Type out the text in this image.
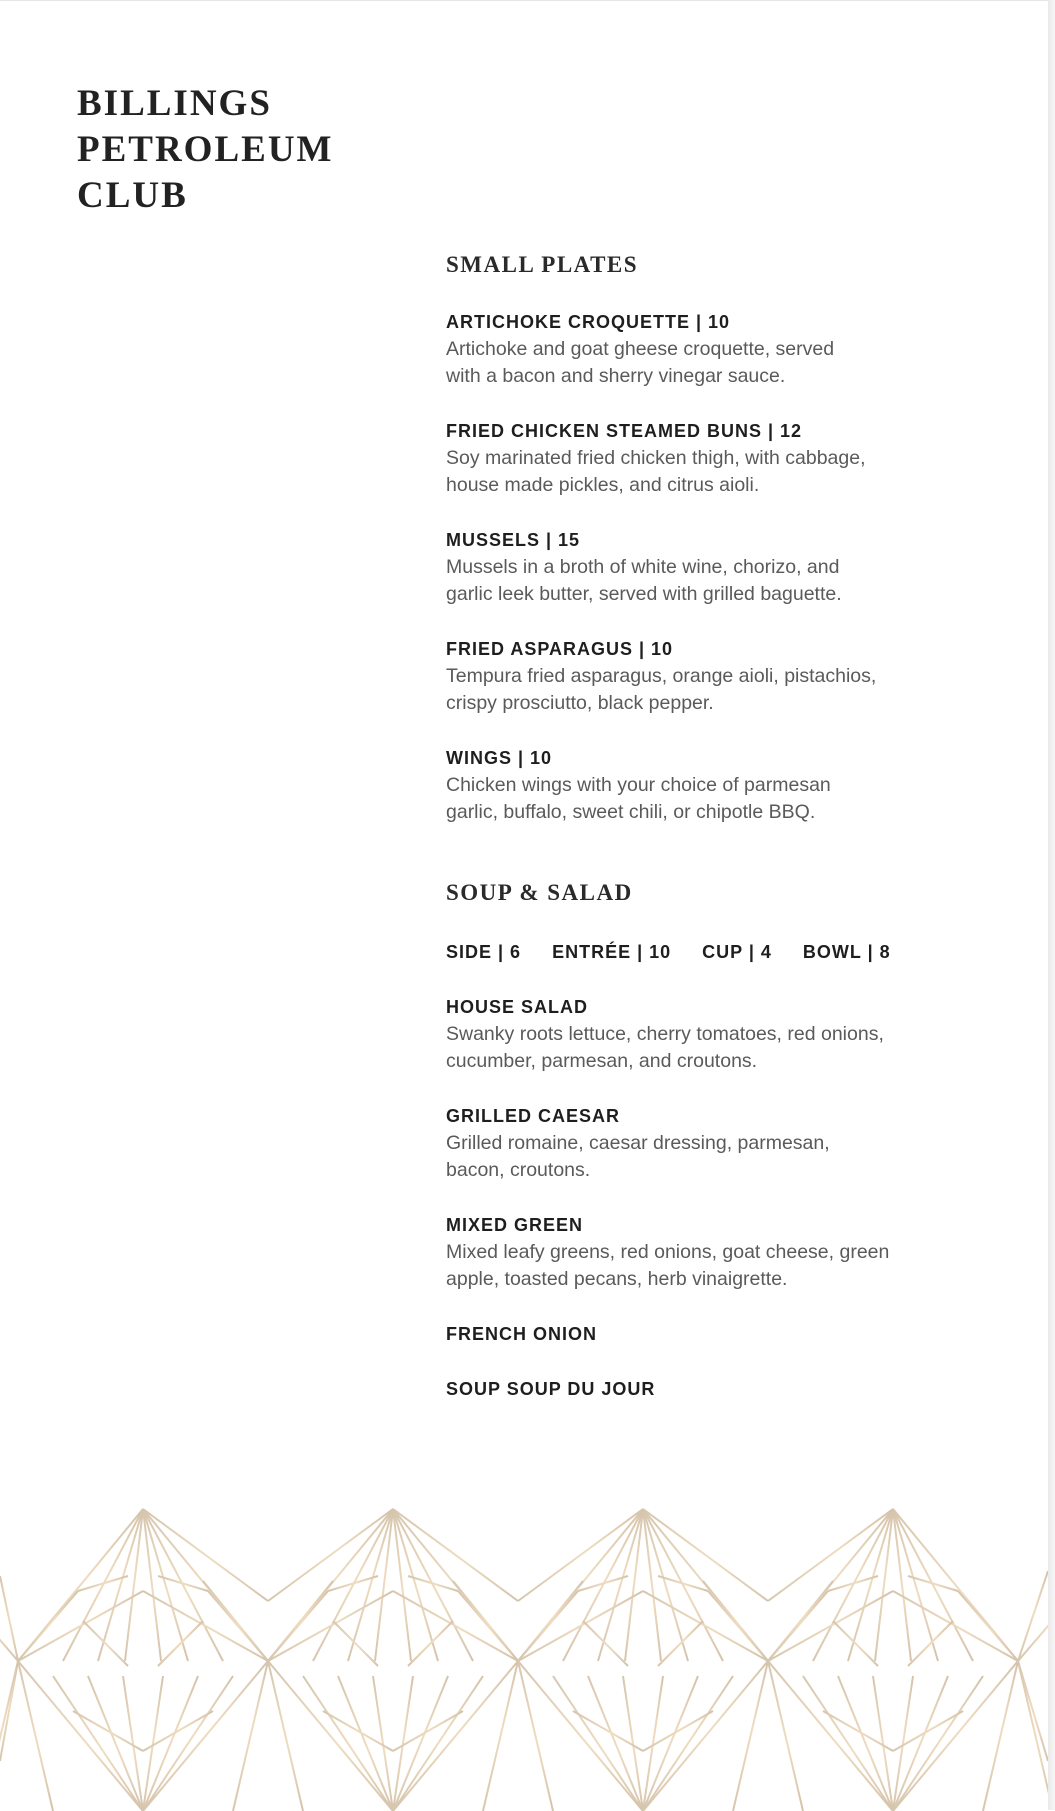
BILLINGS
PETROLEUM
CLUB
SMALL PLATES
ARTICHOKE CROQUETTE | 10
Artichoke and goat gheese croquette, served
with a bacon and sherry vinegar sauce.
FRIED CHICKEN STEAMED BUNS | 12
Soy marinated fried chicken thigh, with cabbage,
house made pickles, and citrus aioli.
MUSSELS | 15
Mussels in a broth of white wine, chorizo, and
garlic leek butter, served with grilled baguette.
FRIED ASPARAGUS | 10
Tempura fried asparagus, orange aioli, pistachios,
crispy prosciutto, black pepper.
WINGS | 10
Chicken wings with your choice of parmesan
garlic, buffalo, sweet chili, or chipotle BBQ.
SOUP & SALAD
SIDE | 6 ENTRÉE | 10 CUP | 4 BOWL | 8
HOUSE SALAD
Swanky roots lettuce, cherry tomatoes, red onions,
cucumber, parmesan, and croutons.
GRILLED CAESAR
Grilled romaine, caesar dressing, parmesan,
bacon, croutons.
MIXED GREEN
Mixed leafy greens, red onions, goat cheese, green
apple, toasted pecans, herb vinaigrette.
FRENCH ONION
SOUP SOUP DU JOUR
